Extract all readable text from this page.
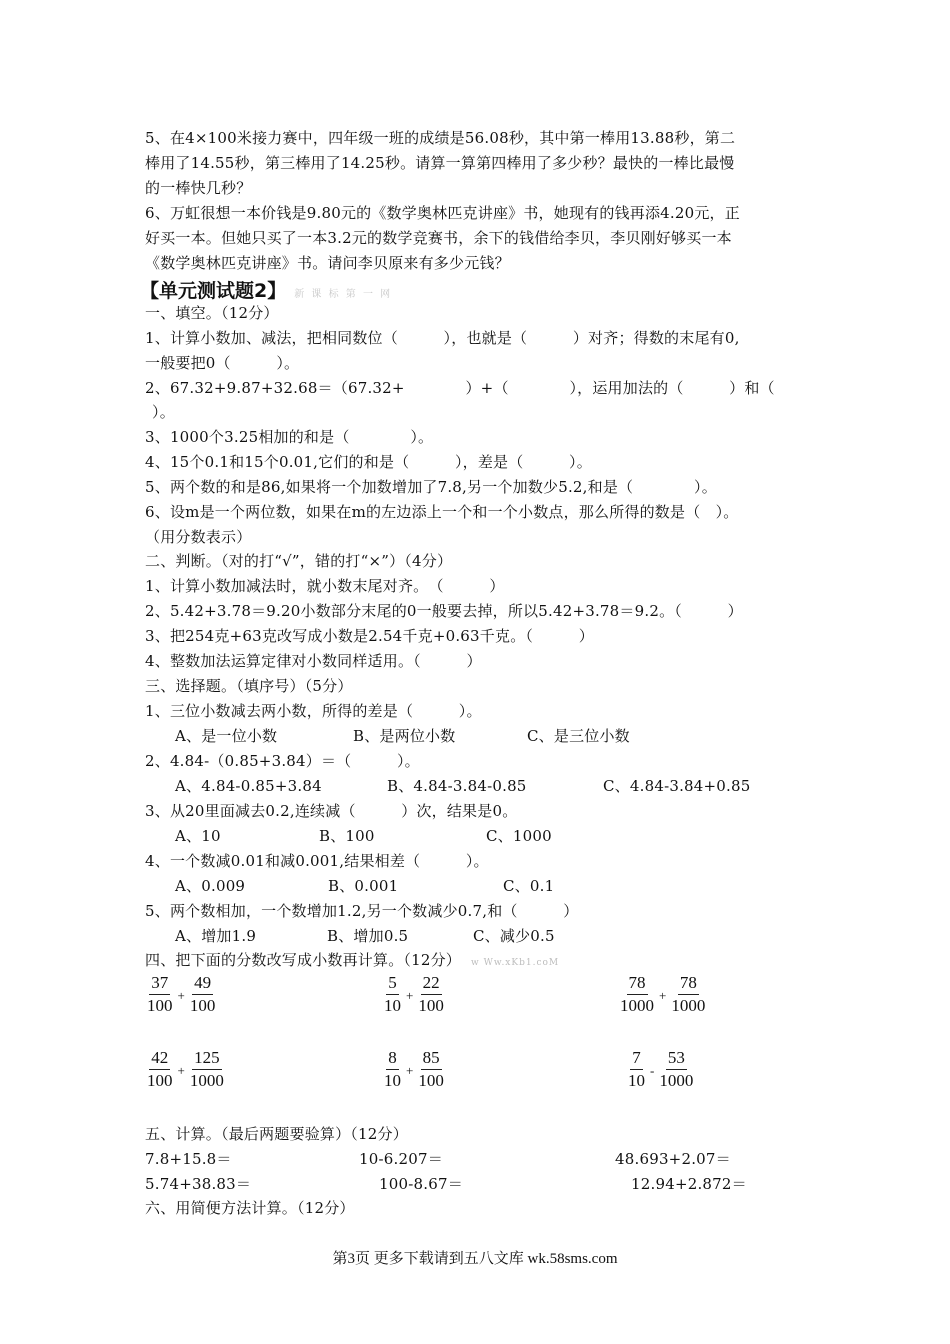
5、在4×100米接力赛中，四年级一班的成绩是56.08秒，其中第一棒用13.88秒，第二
棒用了14.55秒，第三棒用了14.25秒。请算一算第四棒用了多少秒？最快的一棒比最慢
的一棒快几秒？
6、万虹很想一本价钱是9.80元的《数学奥林匹克讲座》书，她现有的钱再添4.20元，正
好买一本。但她只买了一本3.2元的数学竞赛书，余下的钱借给李贝，李贝刚好够买一本
《数学奥林匹克讲座》书。请问李贝原来有多少元钱？
【单元测试题2】 新 课 标 第 一 网
一、填空。（12分）
1、计算小数加、减法，把相同数位（　　　），也就是（　　　）对齐；得数的末尾有0,
一般要把0（　　　）。
2、67.32+9.87+32.68＝（67.32+　　　　）+（　　　　），运用加法的（　　　）和（
）。
3、1000个3.25相加的和是（　　　　）。
4、15个0.1和15个0.01,它们的和是（　　　），差是（　　　）。
5、两个数的和是86,如果将一个加数增加了7.8,另一个加数少5.2,和是（　　　　）。
6、设m是一个两位数，如果在m的左边添上一个和一个小数点，那么所得的数是（　）。
（用分数表示）
二、判断。（对的打“√”，错的打“×”）（4分）
1、计算小数加减法时，就小数末尾对齐。　（　　　）
2、5.42+3.78＝9.20小数部分末尾的0一般要去掉，所以5.42+3.78＝9.2。（　　　）
3、把254克+63克改写成小数是2.54千克+0.63千克。（　　　）
4、整数加法运算定律对小数同样适用。（　　　）
三、选择题。（填序号）（5分）
1、三位小数减去两小数，所得的差是（　　　）。
A、是一位小数	B、是两位小数	C、是三位小数
2、4.84-（0.85+3.84）＝（　　　）。
A、4.84-0.85+3.84	B、4.84-3.84-0.85	C、4.84-3.84+0.85
3、从20里面减去0.2,连续减（　　　）次，结果是0。
A、10	B、100	C、1000
4、一个数减0.01和减0.001,结果相差（　　　）。
A、0.009	B、0.001	C、0.1
5、两个数相加，一个数增加1.2,另一个数减少0.7,和（　　　）
A、增加1.9	B、增加0.5	C、减少0.5
四、把下面的分数改写成小数再计算。（12分） w Ww.xKb1.coM
$\frac{37}{100} + \frac{49}{100}$	$\frac{5}{10} + \frac{22}{100}$	$\frac{78}{1000} + \frac{78}{1000}$
$\frac{42}{100} + \frac{125}{1000}$	$\frac{8}{10} + \frac{85}{100}$	$\frac{7}{10} - \frac{53}{1000}$
五、计算。（最后两题要验算）（12分）
7.8+15.8＝	10-6.207＝	48.693+2.07＝
5.74+38.83＝	100-8.67＝	12.94+2.872＝
六、用简便方法计算。（12分）
第3页 更多下载请到五八文库 wk.58sms.com
